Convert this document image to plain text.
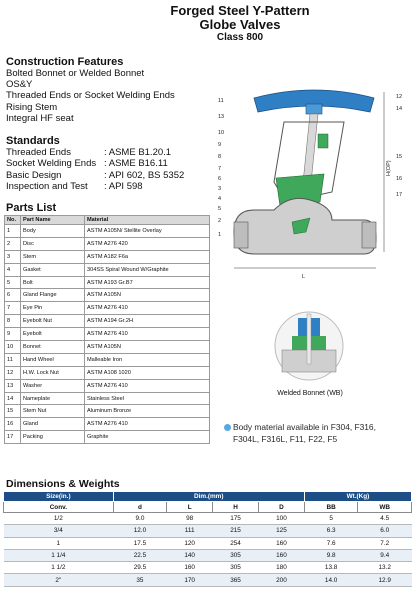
Forged Steel Y-Pattern
Globe Valves
Class 800
Construction Features
Bolted Bonnet or Welded Bonnet
OS&Y
Threaded Ends or Socket Welding Ends
Rising Stem
Integral HF seat
Standards
Threaded Ends	: ASME B1.20.1
Socket Welding Ends : ASME B16.11
Basic Design	: API 602, BS 5352
Inspection and Test	: API 598
Parts List
No.	Part Name	Material
1	Body	ASTM A105N/ Stellite Overlay
2	Disc	ASTM A276 420
3	Stem	ASTM A182 F6a
4	Gasket	304SS Spiral Wound W/Graphite
5	Bolt	ASTM A193 Gr.B7
6	Gland Flange	ASTM A105N
7	Eye Pin	ASTM A276 410
8	Eyebolt Nut	ASTM A194 Gr.2H
9	Eyebolt	ASTM A276 410
10	Bonnet	ASTM A105N
11	Hand Wheel	Malleable Iron
12	H.W. Lock Nut	ASTM A108 1020
13	Washer	ASTM A276 410
14	Nameplate	Stainless Steel
15	Stem Nut	Aluminum Bronze
16	Gland	ASTM A276 410
17	Packing	Graphite
H(OP)
L
11
13
10
9
8
7
6
3
4
5
2
1
12
14
15
16
17
Welded Bonnet (WB)
Body material available in F304, F316,
F304L, F316L, F11, F22, F5
Dimensions & Weights
Size(in.)	Dim.(mm)				Wt.(Kg)	
Conv.	d	L	H	D	BB	WB
1/2	9.0	98	175	100	5	4.5
3/4	12.0	111	215	125	6.3	6.0
1	17.5	120	254	160	7.6	7.2
1 1/4	22.5	140	305	160	9.8	9.4
1 1/2	29.5	160	305	180	13.8	13.2
2"	35	170	365	200	14.0	12.9
